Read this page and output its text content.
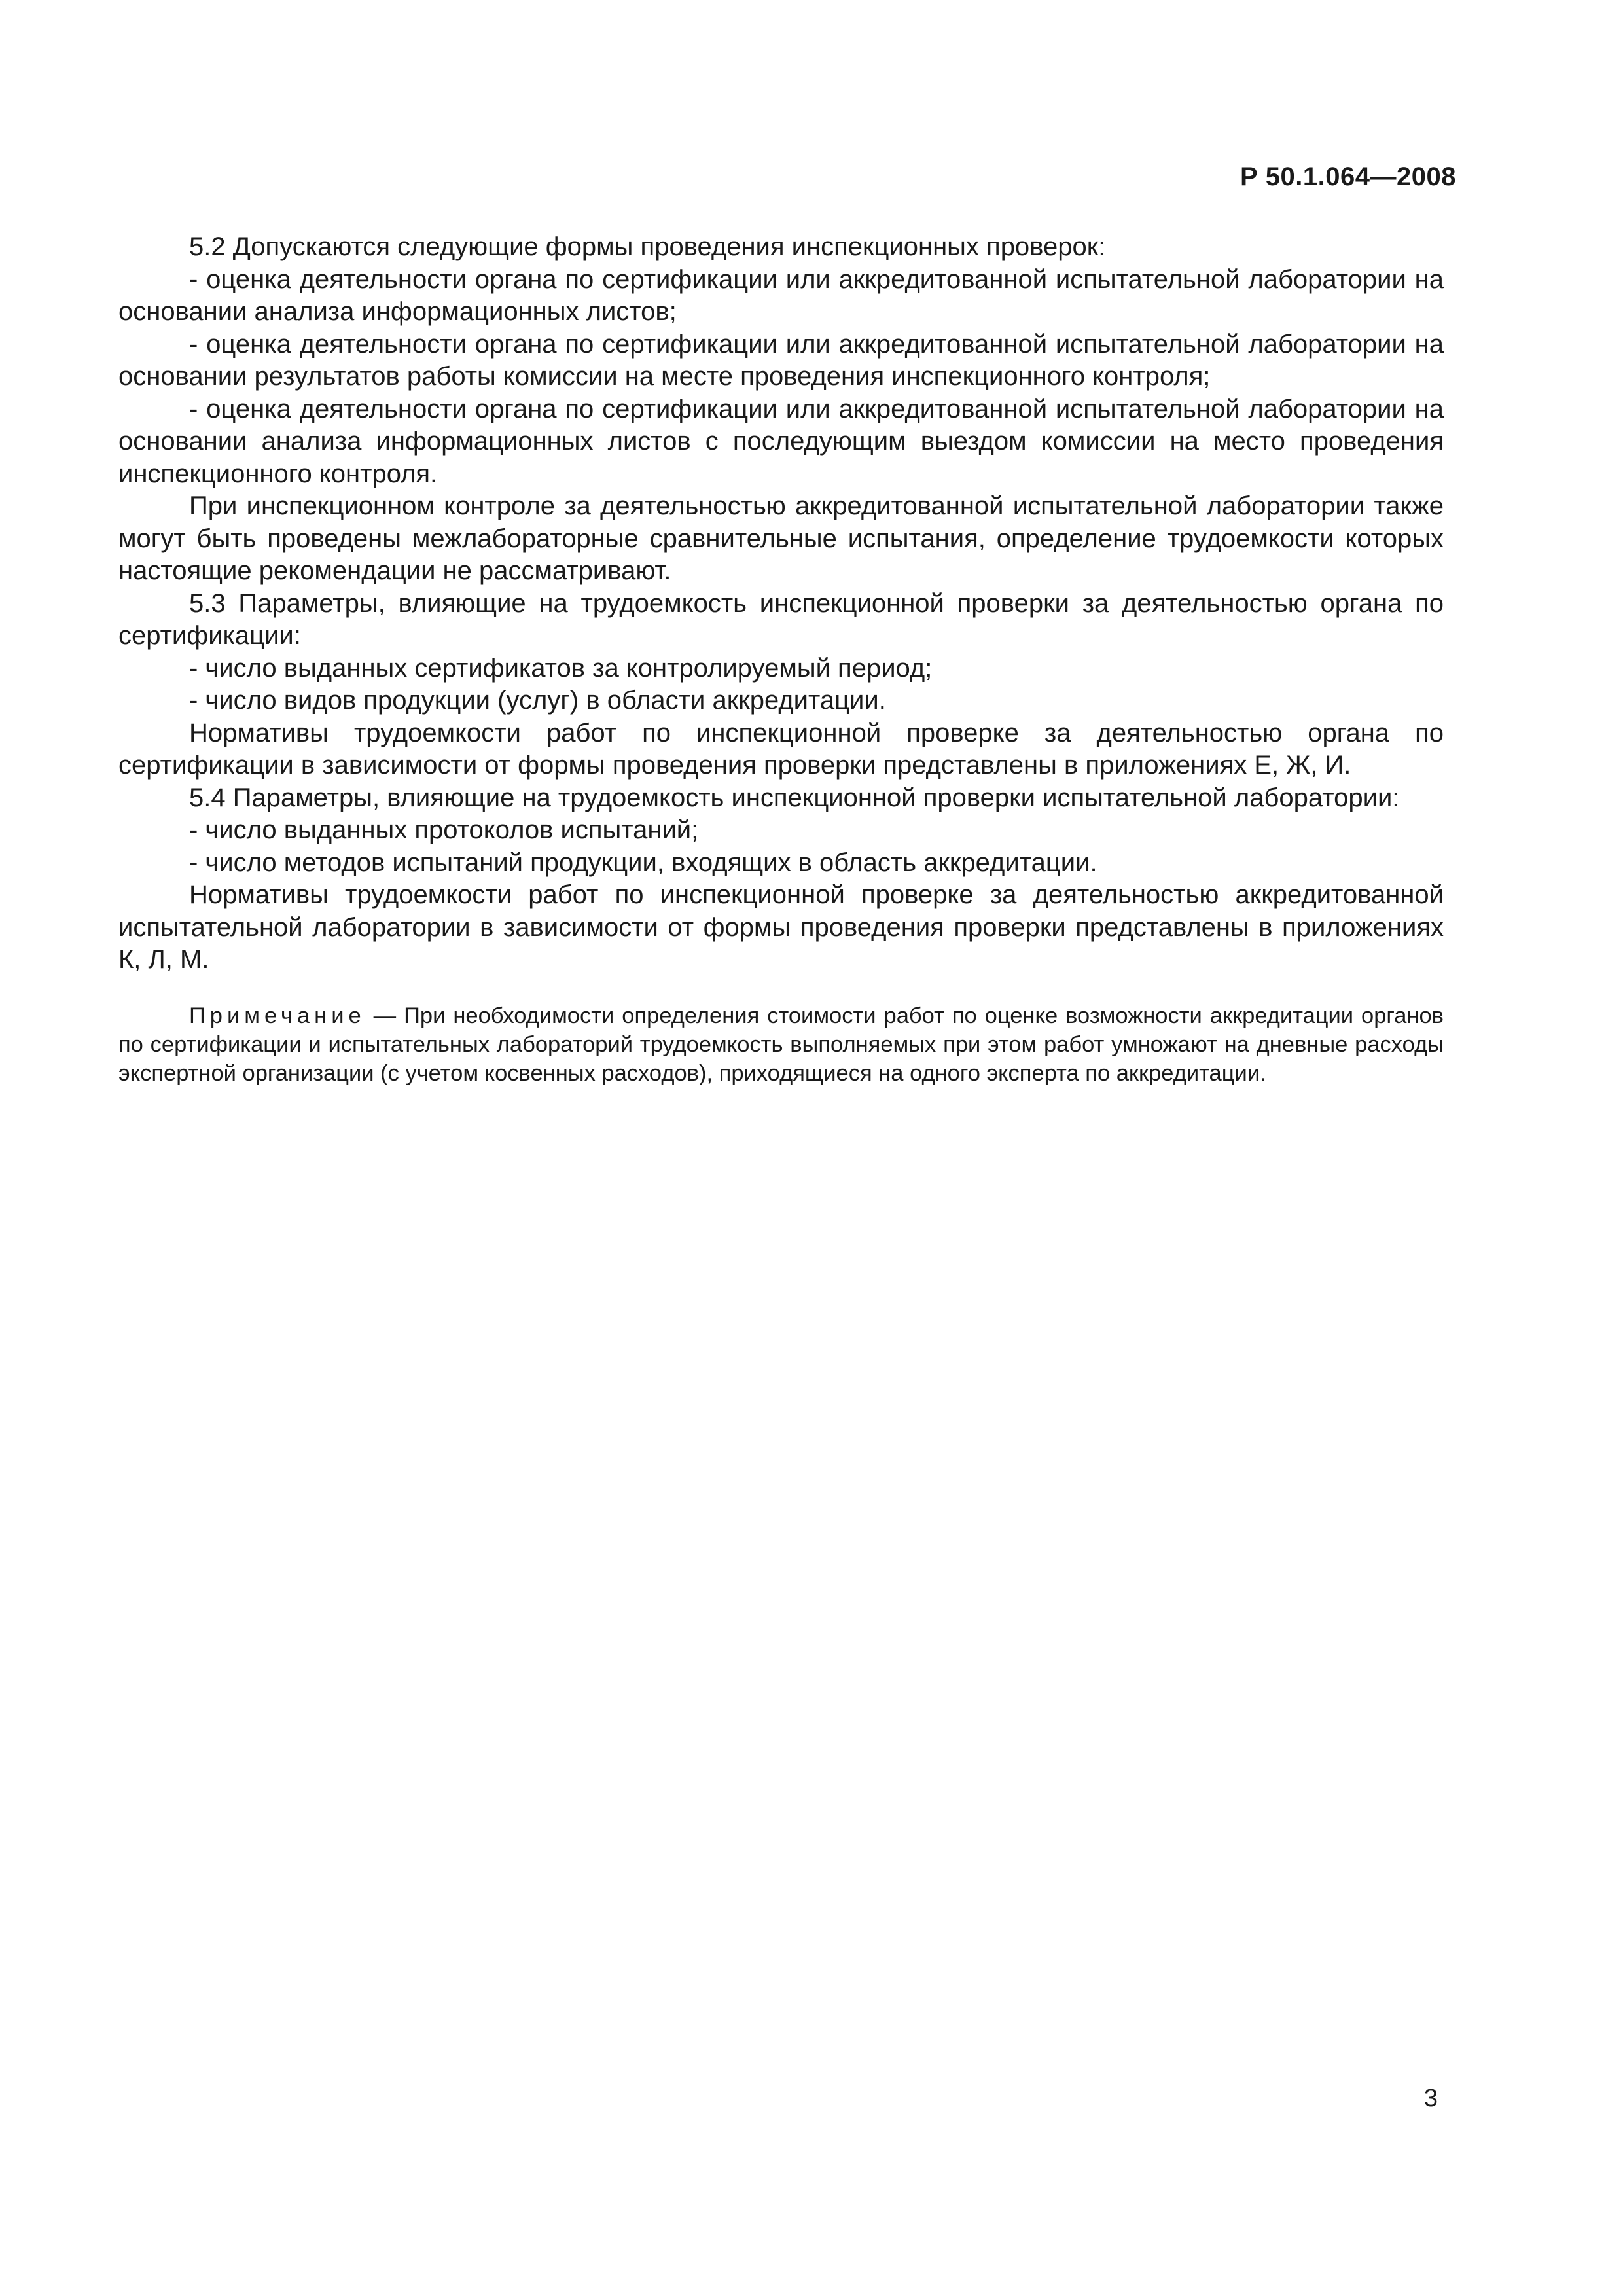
Р 50.1.064—2008

5.2 Допускаются следующие формы проведения инспекционных проверок:

- оценка деятельности органа по сертификации или аккредитованной испытательной лаборатории на основании анализа информационных листов;

- оценка деятельности органа по сертификации или аккредитованной испытательной лаборатории на основании результатов работы комиссии на месте проведения инспекционного контроля;

- оценка деятельности органа по сертификации или аккредитованной испытательной лаборатории на основании анализа информационных листов с последующим выездом комиссии на место проведения инспекционного контроля.

При инспекционном контроле за деятельностью аккредитованной испытательной лаборатории также могут быть проведены межлабораторные сравнительные испытания, определение трудоемкости которых настоящие рекомендации не рассматривают.

5.3 Параметры, влияющие на трудоемкость инспекционной проверки за деятельностью органа по сертификации:

- число выданных сертификатов за контролируемый период;

- число видов продукции (услуг) в области аккредитации.

Нормативы трудоемкости работ по инспекционной проверке за деятельностью органа по сертификации в зависимости от формы проведения проверки представлены в приложениях Е, Ж, И.

5.4 Параметры, влияющие на трудоемкость инспекционной проверки испытательной лаборатории:

- число выданных протоколов испытаний;

- число методов испытаний продукции, входящих в область аккредитации.

Нормативы трудоемкости работ по инспекционной проверке за деятельностью аккредитованной испытательной лаборатории в зависимости от формы проведения проверки представлены в приложениях К, Л, М.

Примечание — При необходимости определения стоимости работ по оценке возможности аккредитации органов по сертификации и испытательных лабораторий трудоемкость выполняемых при этом работ умножают на дневные расходы экспертной организации (с учетом косвенных расходов), приходящиеся на одного эксперта по аккредитации.

3
